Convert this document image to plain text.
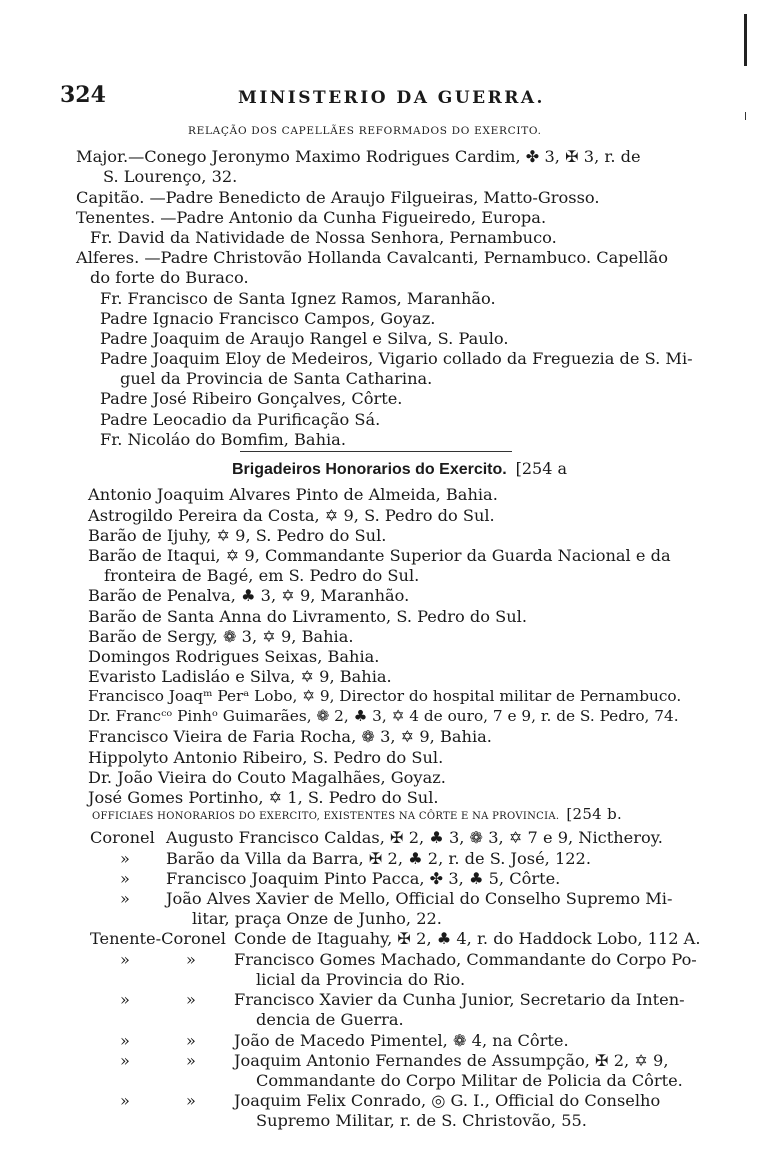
324	MINISTERIO DA GUERRA.
RELAÇÃO DOS CAPELLÃES REFORMADOS DO EXERCITO.
Major.—Conego Jeronymo Maximo Rodrigues Cardim, ✤ 3, ✠ 3, r. de
S. Lourenço, 32.
Capitão. —Padre Benedicto de Araujo Filgueiras, Matto-Grosso.
Tenentes. —Padre Antonio da Cunha Figueiredo, Europa.
Fr. David da Natividade de Nossa Senhora, Pernambuco.
Alferes. —Padre Christovão Hollanda Cavalcanti, Pernambuco. Capellão
do forte do Buraco.
Fr. Francisco de Santa Ignez Ramos, Maranhão.
Padre Ignacio Francisco Campos, Goyaz.
Padre Joaquim de Araujo Rangel e Silva, S. Paulo.
Padre Joaquim Eloy de Medeiros, Vigario collado da Freguezia de S. Mi-
guel da Provincia de Santa Catharina.
Padre José Ribeiro Gonçalves, Côrte.
Padre Leocadio da Purificação Sá.
Fr. Nicoláo do Bomfim, Bahia.
Brigadeiros Honorarios do Exercito. [254 a
Antonio Joaquim Alvares Pinto de Almeida, Bahia.
Astrogildo Pereira da Costa, ✡ 9, S. Pedro do Sul.
Barão de Ijuhy, ✡ 9, S. Pedro do Sul.
Barão de Itaqui, ✡ 9, Commandante Superior da Guarda Nacional e da
fronteira de Bagé, em S. Pedro do Sul.
Barão de Penalva, ♣ 3, ✡ 9, Maranhão.
Barão de Santa Anna do Livramento, S. Pedro do Sul.
Barão de Sergy, ❁ 3, ✡ 9, Bahia.
Domingos Rodrigues Seixas, Bahia.
Evaristo Ladisláo e Silva, ✡ 9, Bahia.
Francisco Joaqᵐ Perᵃ Lobo, ✡ 9, Director do hospital militar de Pernambuco.
Dr. Francᶜᵒ Pinhᵒ Guimarães, ❁ 2, ♣ 3, ✡ 4 de ouro, 7 e 9, r. de S. Pedro, 74.
Francisco Vieira de Faria Rocha, ❁ 3, ✡ 9, Bahia.
Hippolyto Antonio Ribeiro, S. Pedro do Sul.
Dr. João Vieira do Couto Magalhães, Goyaz.
José Gomes Portinho, ✡ 1, S. Pedro do Sul.
OFFICIAES HONORARIOS DO EXERCITO, EXISTENTES NA CÔRTE E NA PROVINCIA. [254 b.
Coronel Augusto Francisco Caldas, ✠ 2, ♣ 3, ❁ 3, ✡ 7 e 9, Nictheroy.
» Barão da Villa da Barra, ✠ 2, ♣ 2, r. de S. José, 122.
» Francisco Joaquim Pinto Pacca, ✤ 3, ♣ 5, Côrte.
» João Alves Xavier de Mello, Official do Conselho Supremo Mi-
litar, praça Onze de Junho, 22.
Tenente-Coronel Conde de Itaguahy, ✠ 2, ♣ 4, r. do Haddock Lobo, 112 A.
»	» Francisco Gomes Machado, Commandante do Corpo Po-
licial da Provincia do Rio.
»	» Francisco Xavier da Cunha Junior, Secretario da Inten-
dencia de Guerra.
»	» João de Macedo Pimentel, ❁ 4, na Côrte.
»	» Joaquim Antonio Fernandes de Assumpção, ✠ 2, ✡ 9,
Commandante do Corpo Militar de Policia da Côrte.
»	» Joaquim Felix Conrado, ◎ G. I., Official do Conselho
Supremo Militar, r. de S. Christovão, 55.
